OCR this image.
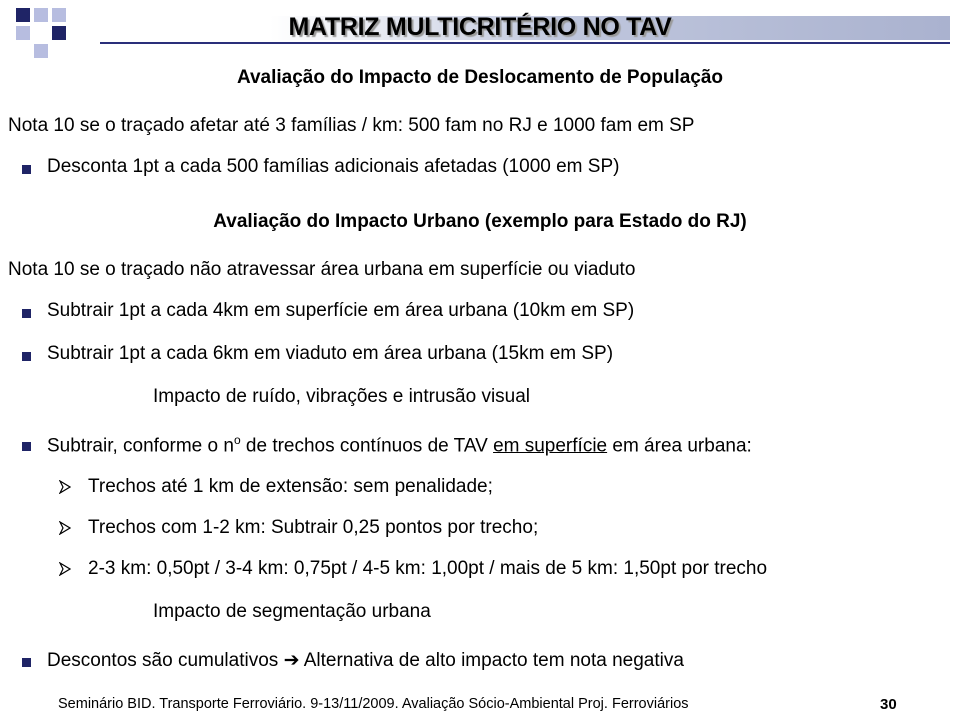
MATRIZ MULTICRITÉRIO NO TAV
Avaliação do Impacto de Deslocamento de População
Nota 10 se o traçado afetar até 3 famílias / km: 500 fam no RJ e 1000 fam em SP
Desconta 1pt a cada 500 famílias adicionais afetadas (1000 em SP)
Avaliação do Impacto Urbano (exemplo para Estado do RJ)
Nota 10 se o traçado não atravessar área urbana em superfície ou viaduto
Subtrair 1pt a cada 4km em superfície em área urbana (10km em SP)
Subtrair 1pt a cada 6km em viaduto em área urbana (15km em SP)
Impacto de ruído, vibrações e intrusão visual
Subtrair, conforme o $n^o$ de trechos contínuos de TAV em superfície em área urbana:
Trechos até 1 km de extensão: sem penalidade;
Trechos com 1-2 km: Subtrair 0,25 pontos por trecho;
2-3 km: 0,50pt / 3-4 km: 0,75pt / 4-5 km: 1,00pt / mais de 5 km: 1,50pt por trecho
Impacto de segmentação urbana
Descontos são cumulativos ➔ Alternativa de alto impacto tem nota negativa
Seminário BID. Transporte Ferroviário. 9-13/11/2009. Avaliação Sócio-Ambiental Proj. Ferroviários	30
